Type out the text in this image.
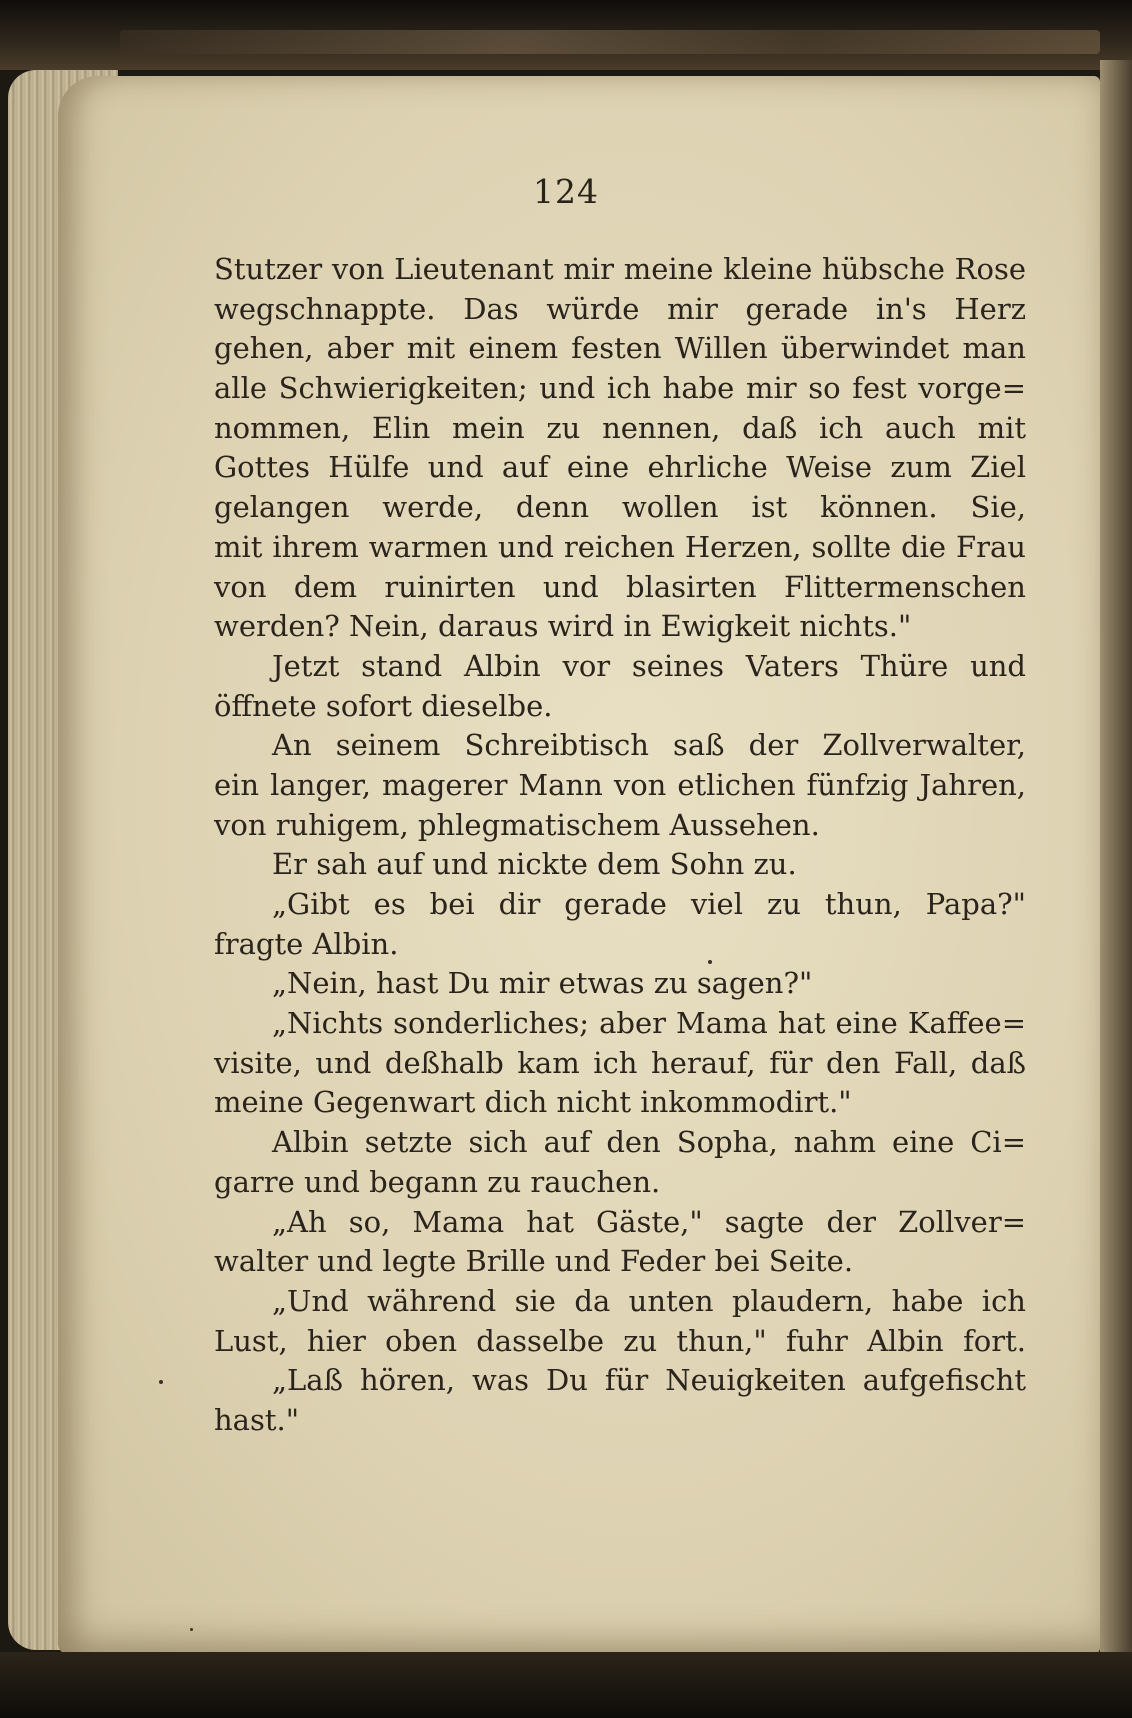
124
Stutzer von Lieutenant mir meine kleine hübsche Rose
wegschnappte. Das würde mir gerade in's Herz
gehen, aber mit einem festen Willen überwindet man
alle Schwierigkeiten; und ich habe mir so fest vorge=
nommen, Elin mein zu nennen, daß ich auch mit
Gottes Hülfe und auf eine ehrliche Weise zum Ziel
gelangen werde, denn wollen ist können. Sie,
mit ihrem warmen und reichen Herzen, sollte die Frau
von dem ruinirten und blasirten Flittermenschen
werden? Nein, daraus wird in Ewigkeit nichts."
Jetzt stand Albin vor seines Vaters Thüre und
öffnete sofort dieselbe.
An seinem Schreibtisch saß der Zollverwalter,
ein langer, magerer Mann von etlichen fünfzig Jahren,
von ruhigem, phlegmatischem Aussehen.
Er sah auf und nickte dem Sohn zu.
„Gibt es bei dir gerade viel zu thun, Papa?"
fragte Albin.
„Nein, hast Du mir etwas zu sagen?"
„Nichts sonderliches; aber Mama hat eine Kaffee=
visite, und deßhalb kam ich herauf, für den Fall, daß
meine Gegenwart dich nicht inkommodirt."
Albin setzte sich auf den Sopha, nahm eine Ci=
garre und begann zu rauchen.
„Ah so, Mama hat Gäste," sagte der Zollver=
walter und legte Brille und Feder bei Seite.
„Und während sie da unten plaudern, habe ich
Lust, hier oben dasselbe zu thun," fuhr Albin fort.
„Laß hören, was Du für Neuigkeiten aufgefischt
hast."
